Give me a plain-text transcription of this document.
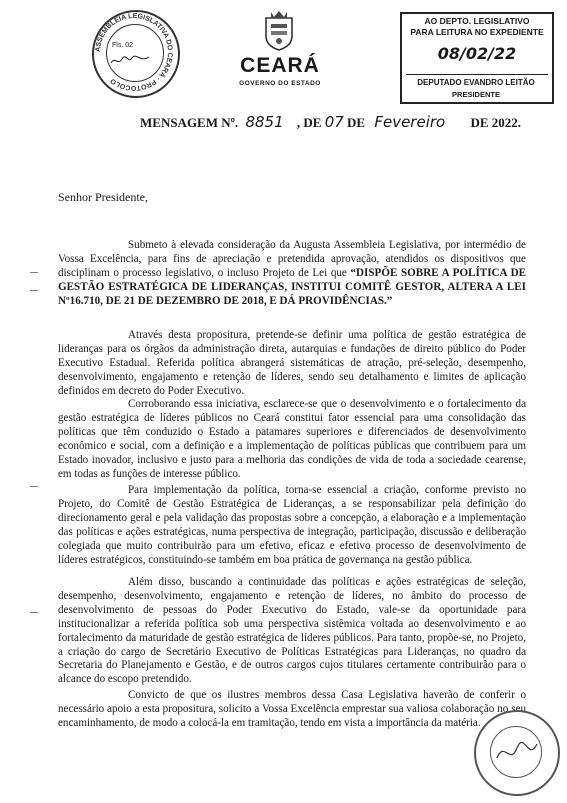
ASSEMBLEIA LEGISLATIVA DO CEARÁ · PROTOCOLO
Fls. 02
CEARÁ
GOVERNO DO ESTADO
AO DEPTO. LEGISLATIVO
PARA LEITURA NO EXPEDIENTE
08/02/22
DEPUTADO EVANDRO LEITÃO
PRESIDENTE
MENSAGEM Nº. 8851 , DE 07 DE Fevereiro DE 2022.
Senhor Presidente,
Submeto à elevada consideração da Augusta Assembleia Legislativa, por intermédio de Vossa Excelência, para fins de apreciação e pretendida aprovação, atendidos os dispositivos que disciplinam o processo legislativo, o incluso Projeto de Lei que “DISPÕE SOBRE A POLÍTICA DE GESTÃO ESTRATÉGICA DE LIDERANÇAS, INSTITUI COMITÊ GESTOR, ALTERA A LEI Nº16.710, DE 21 DE DEZEMBRO DE 2018, E DÁ PROVIDÊNCIAS.”
Através desta propositura, pretende-se definir uma política de gestão estratégica de lideranças para os órgãos da administração direta, autarquias e fundações de direito público do Poder Executivo Estadual. Referida política abrangerá sistemáticas de atração, pré-seleção, desempenho, desenvolvimento, engajamento e retenção de líderes, sendo seu detalhamento e limites de aplicação definidos em decreto do Poder Executivo.
Corroborando essa iniciativa, esclarece-se que o desenvolvimento e o fortalecimento da gestão estratégica de líderes públicos no Ceará constitui fator essencial para uma consolidação das políticas que têm conduzido o Estado a patamares superiores e diferenciados de desenvolvimento econômico e social, com a definição e a implementação de políticas públicas que contribuem para um Estado inovador, inclusivo e justo para a melhoria das condições de vida de toda a sociedade cearense, em todas as funções de interesse público.
Para implementação da política, torna-se essencial a criação, conforme previsto no Projeto, do Comitê de Gestão Estratégica de Lideranças, a se responsabilizar pela definição do direcionamento geral e pela validação das propostas sobre a concepção, a elaboração e a implementação das políticas e ações estratégicas, numa perspectiva de integração, participação, discussão e deliberação colegiada que muito contribuirão para um efetivo, eficaz e efetivo processo de desenvolvimento de líderes estratégicos, constituindo-se também em boa prática de governança na gestão pública.
Além disso, buscando a continuidade das políticas e ações estratégicas de seleção, desempenho, desenvolvimento, engajamento e retenção de líderes, no âmbito do processo de desenvolvimento de pessoas do Poder Executivo do Estado, vale-se da oportunidade para institucionalizar a referida política sob uma perspectiva sistêmica voltada ao desenvolvimento e ao fortalecimento da maturidade de gestão estratégica de líderes públicos. Para tanto, propõe-se, no Projeto, a criação do cargo de Secretário Executivo de Políticas Estratégicas para Lideranças, no quadro da Secretaria do Planejamento e Gestão, e de outros cargos cujos titulares certamente contribuirão para o alcance do escopo pretendido.
Convicto de que os ilustres membros dessa Casa Legislativa haverão de conferir o necessário apoio a esta propositura, solicito a Vossa Excelência emprestar sua valiosa colaboração no seu encaminhamento, de modo a colocá-la em tramitação, tendo em vista a importância da matéria.
